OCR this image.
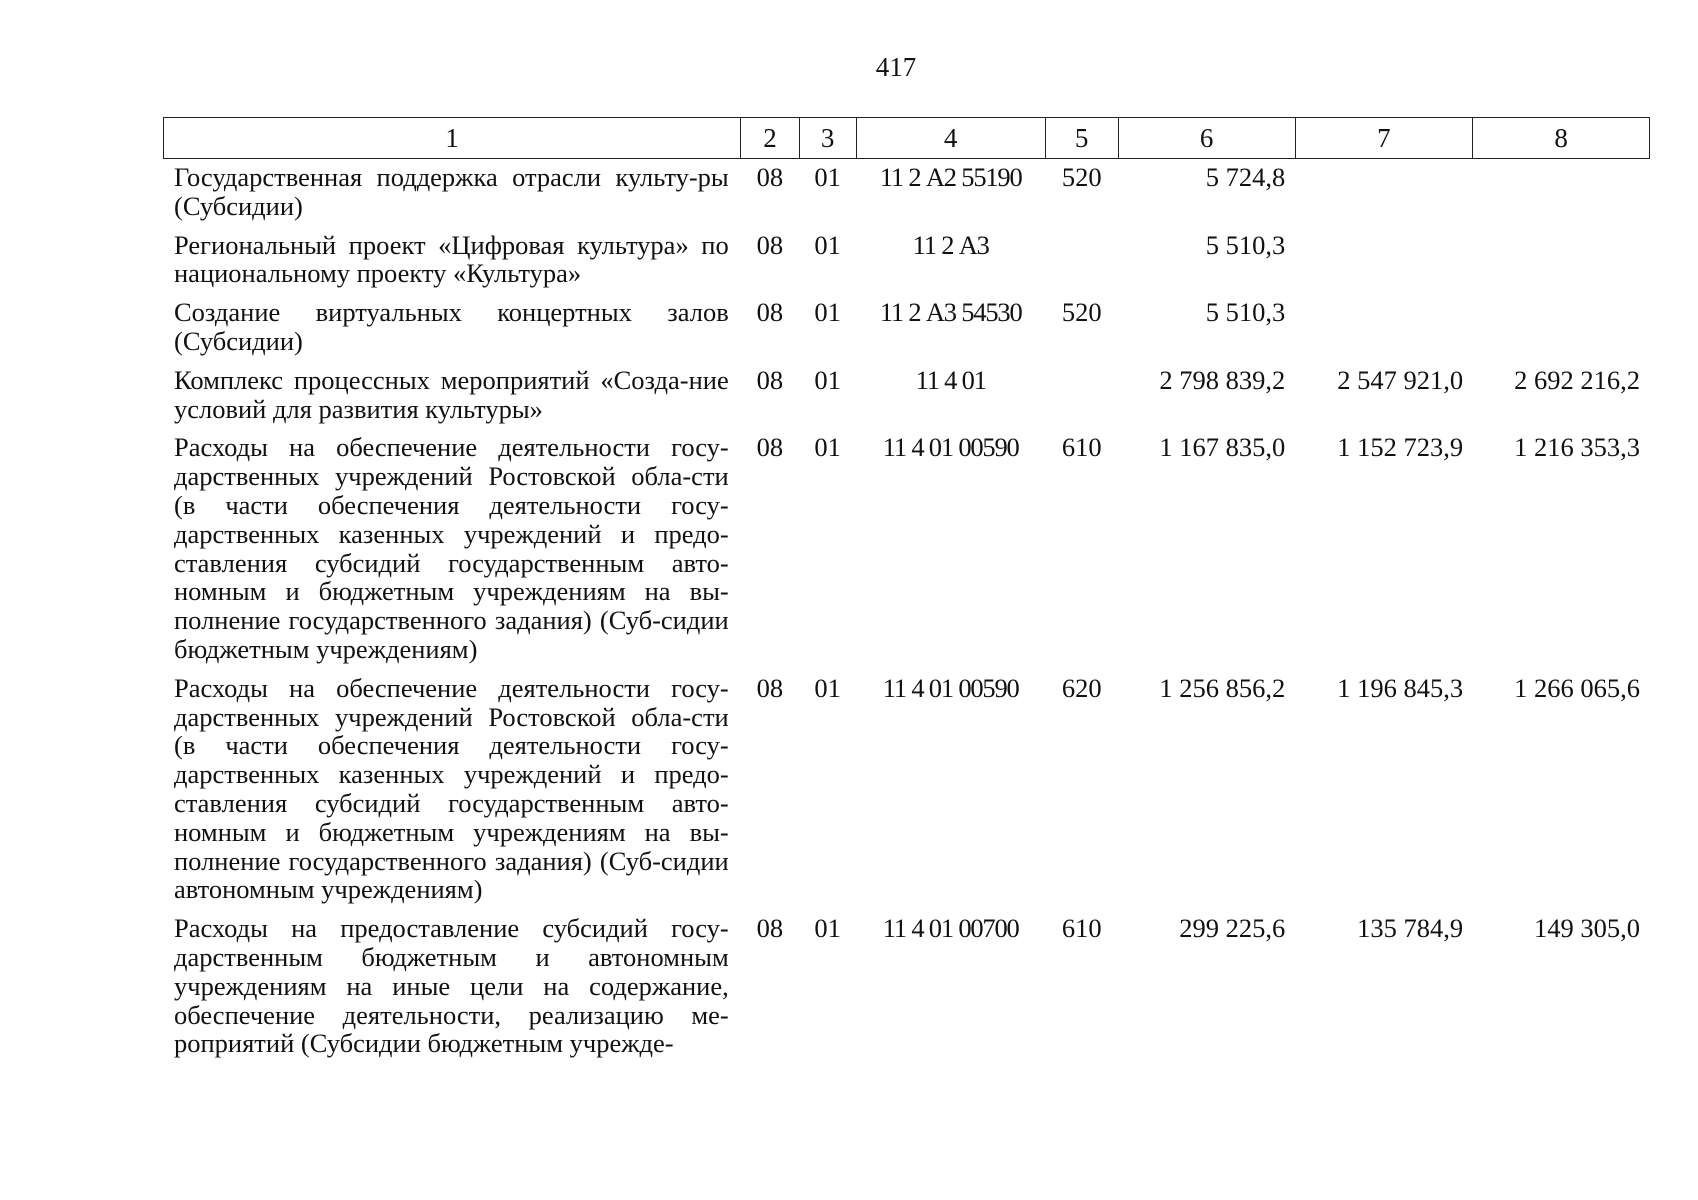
417
1	2	3	4	5	6	7	8
Государственная поддержка отрасли культу-ры (Субсидии)	08	01	11 2 А2 55190	520	5 724,8		
Региональный проект «Цифровая культура» по национальному проекту «Культура»	08	01	11 2 А3		5 510,3		
Создание виртуальных концертных залов (Субсидии)	08	01	11 2 А3 54530	520	5 510,3		
Комплекс процессных мероприятий «Созда-ние условий для развития культуры»	08	01	11 4 01		2 798 839,2	2 547 921,0	2 692 216,2
Расходы на обеспечение деятельности госу-дарственных учреждений Ростовской обла-сти (в части обеспечения деятельности госу-дарственных казенных учреждений и предо-ставления субсидий государственным авто-номным и бюджетным учреждениям на вы-полнение государственного задания) (Суб-сидии бюджетным учреждениям)	08	01	11 4 01 00590	610	1 167 835,0	1 152 723,9	1 216 353,3
Расходы на обеспечение деятельности госу-дарственных учреждений Ростовской обла-сти (в части обеспечения деятельности госу-дарственных казенных учреждений и предо-ставления субсидий государственным авто-номным и бюджетным учреждениям на вы-полнение государственного задания) (Суб-сидии автономным учреждениям)	08	01	11 4 01 00590	620	1 256 856,2	1 196 845,3	1 266 065,6
Расходы на предоставление субсидий госу-дарственным бюджетным и автономным учреждениям на иные цели на содержание, обеспечение деятельности, реализацию ме-роприятий (Субсидии бюджетным учрежде-	08	01	11 4 01 00700	610	299 225,6	135 784,9	149 305,0
